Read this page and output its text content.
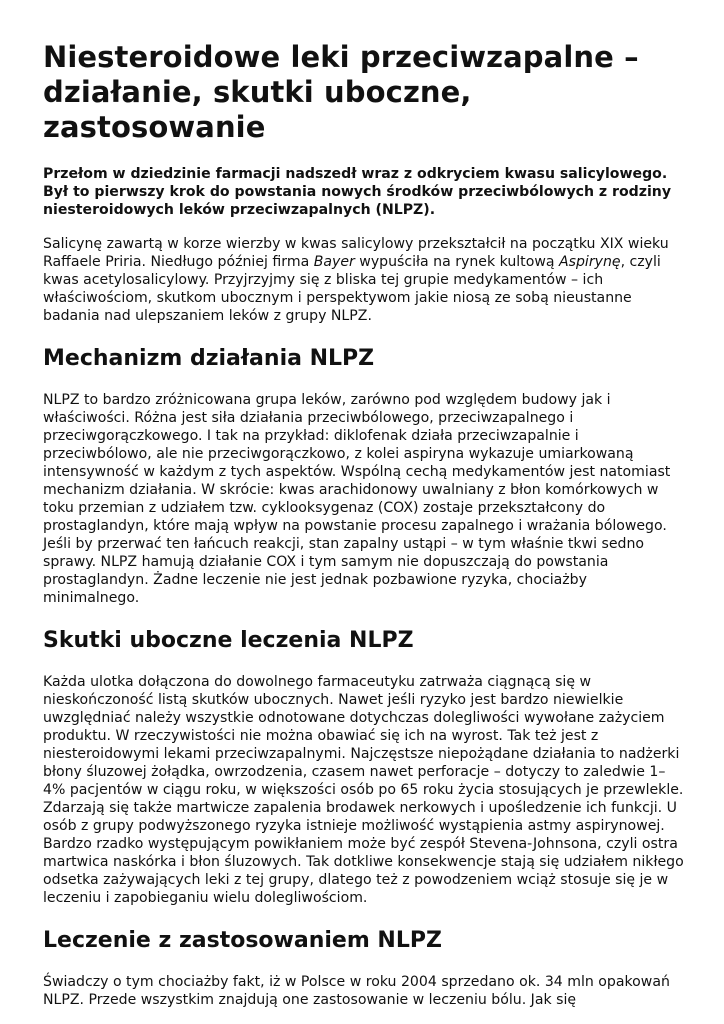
Niesteroidowe leki przeciwzapalne – działanie, skutki uboczne, zastosowanie

Przełom w dziedzinie farmacji nadszedł wraz z odkryciem kwasu salicylowego. Był to pierwszy krok do powstania nowych środków przeciwbólowych z rodziny niesteroidowych leków przeciwzapalnych (NLPZ).

Salicynę zawartą w korze wierzby w kwas salicylowy przekształcił na początku XIX wieku Raffaele Priria. Niedługo później firma Bayer wypuściła na rynek kultową Aspirynę, czyli kwas acetylosalicylowy. Przyjrzyjmy się z bliska tej grupie medykamentów – ich właściwościom, skutkom ubocznym i perspektywom jakie niosą ze sobą nieustanne badania nad ulepszaniem leków z grupy NLPZ.

Mechanizm działania NLPZ

NLPZ to bardzo zróżnicowana grupa leków, zarówno pod względem budowy jak i właściwości. Różna jest siła działania przeciwbólowego, przeciwzapalnego i przeciwgorączkowego. I tak na przykład: diklofenak działa przeciwzapalnie i przeciwbólowo, ale nie przeciwgorączkowo, z kolei aspiryna wykazuje umiarkowaną intensywność w każdym z tych aspektów. Wspólną cechą medykamentów jest natomiast mechanizm działania. W skrócie: kwas arachidonowy uwalniany z błon komórkowych w toku przemian z udziałem tzw. cyklooksygenaz (COX) zostaje przekształcony do prostaglandyn, które mają wpływ na powstanie procesu zapalnego i wrażania bólowego. Jeśli by przerwać ten łańcuch reakcji, stan zapalny ustąpi – w tym właśnie tkwi sedno sprawy. NLPZ hamują działanie COX i tym samym nie dopuszczają do powstania prostaglandyn. Żadne leczenie nie jest jednak pozbawione ryzyka, chociażby minimalnego.

Skutki uboczne leczenia NLPZ

Każda ulotka dołączona do dowolnego farmaceutyku zatrważa ciągnącą się w nieskończoność listą skutków ubocznych. Nawet jeśli ryzyko jest bardzo niewielkie uwzględniać należy wszystkie odnotowane dotychczas dolegliwości wywołane zażyciem produktu. W rzeczywistości nie można obawiać się ich na wyrost. Tak też jest z niesteroidowymi lekami przeciwzapalnymi. Najczęstsze niepożądane działania to nadżerki błony śluzowej żołądka, owrzodzenia, czasem nawet perforacje – dotyczy to zaledwie 1–4% pacjentów w ciągu roku, w większości osób po 65 roku życia stosujących je przewlekle. Zdarzają się także martwicze zapalenia brodawek nerkowych i upośledzenie ich funkcji. U osób z grupy podwyższonego ryzyka istnieje możliwość wystąpienia astmy aspirynowej. Bardzo rzadko występującym powikłaniem może być zespół Stevena-Johnsona, czyli ostra martwica naskórka i błon śluzowych. Tak dotkliwe konsekwencje stają się udziałem nikłego odsetka zażywających leki z tej grupy, dlatego też z powodzeniem wciąż stosuje się je w leczeniu i zapobieganiu wielu dolegliwościom.

Leczenie z zastosowaniem NLPZ

Świadczy o tym chociażby fakt, iż w Polsce w roku 2004 sprzedano ok. 34 mln opakowań NLPZ. Przede wszystkim znajdują one zastosowanie w leczeniu bólu. Jak się
